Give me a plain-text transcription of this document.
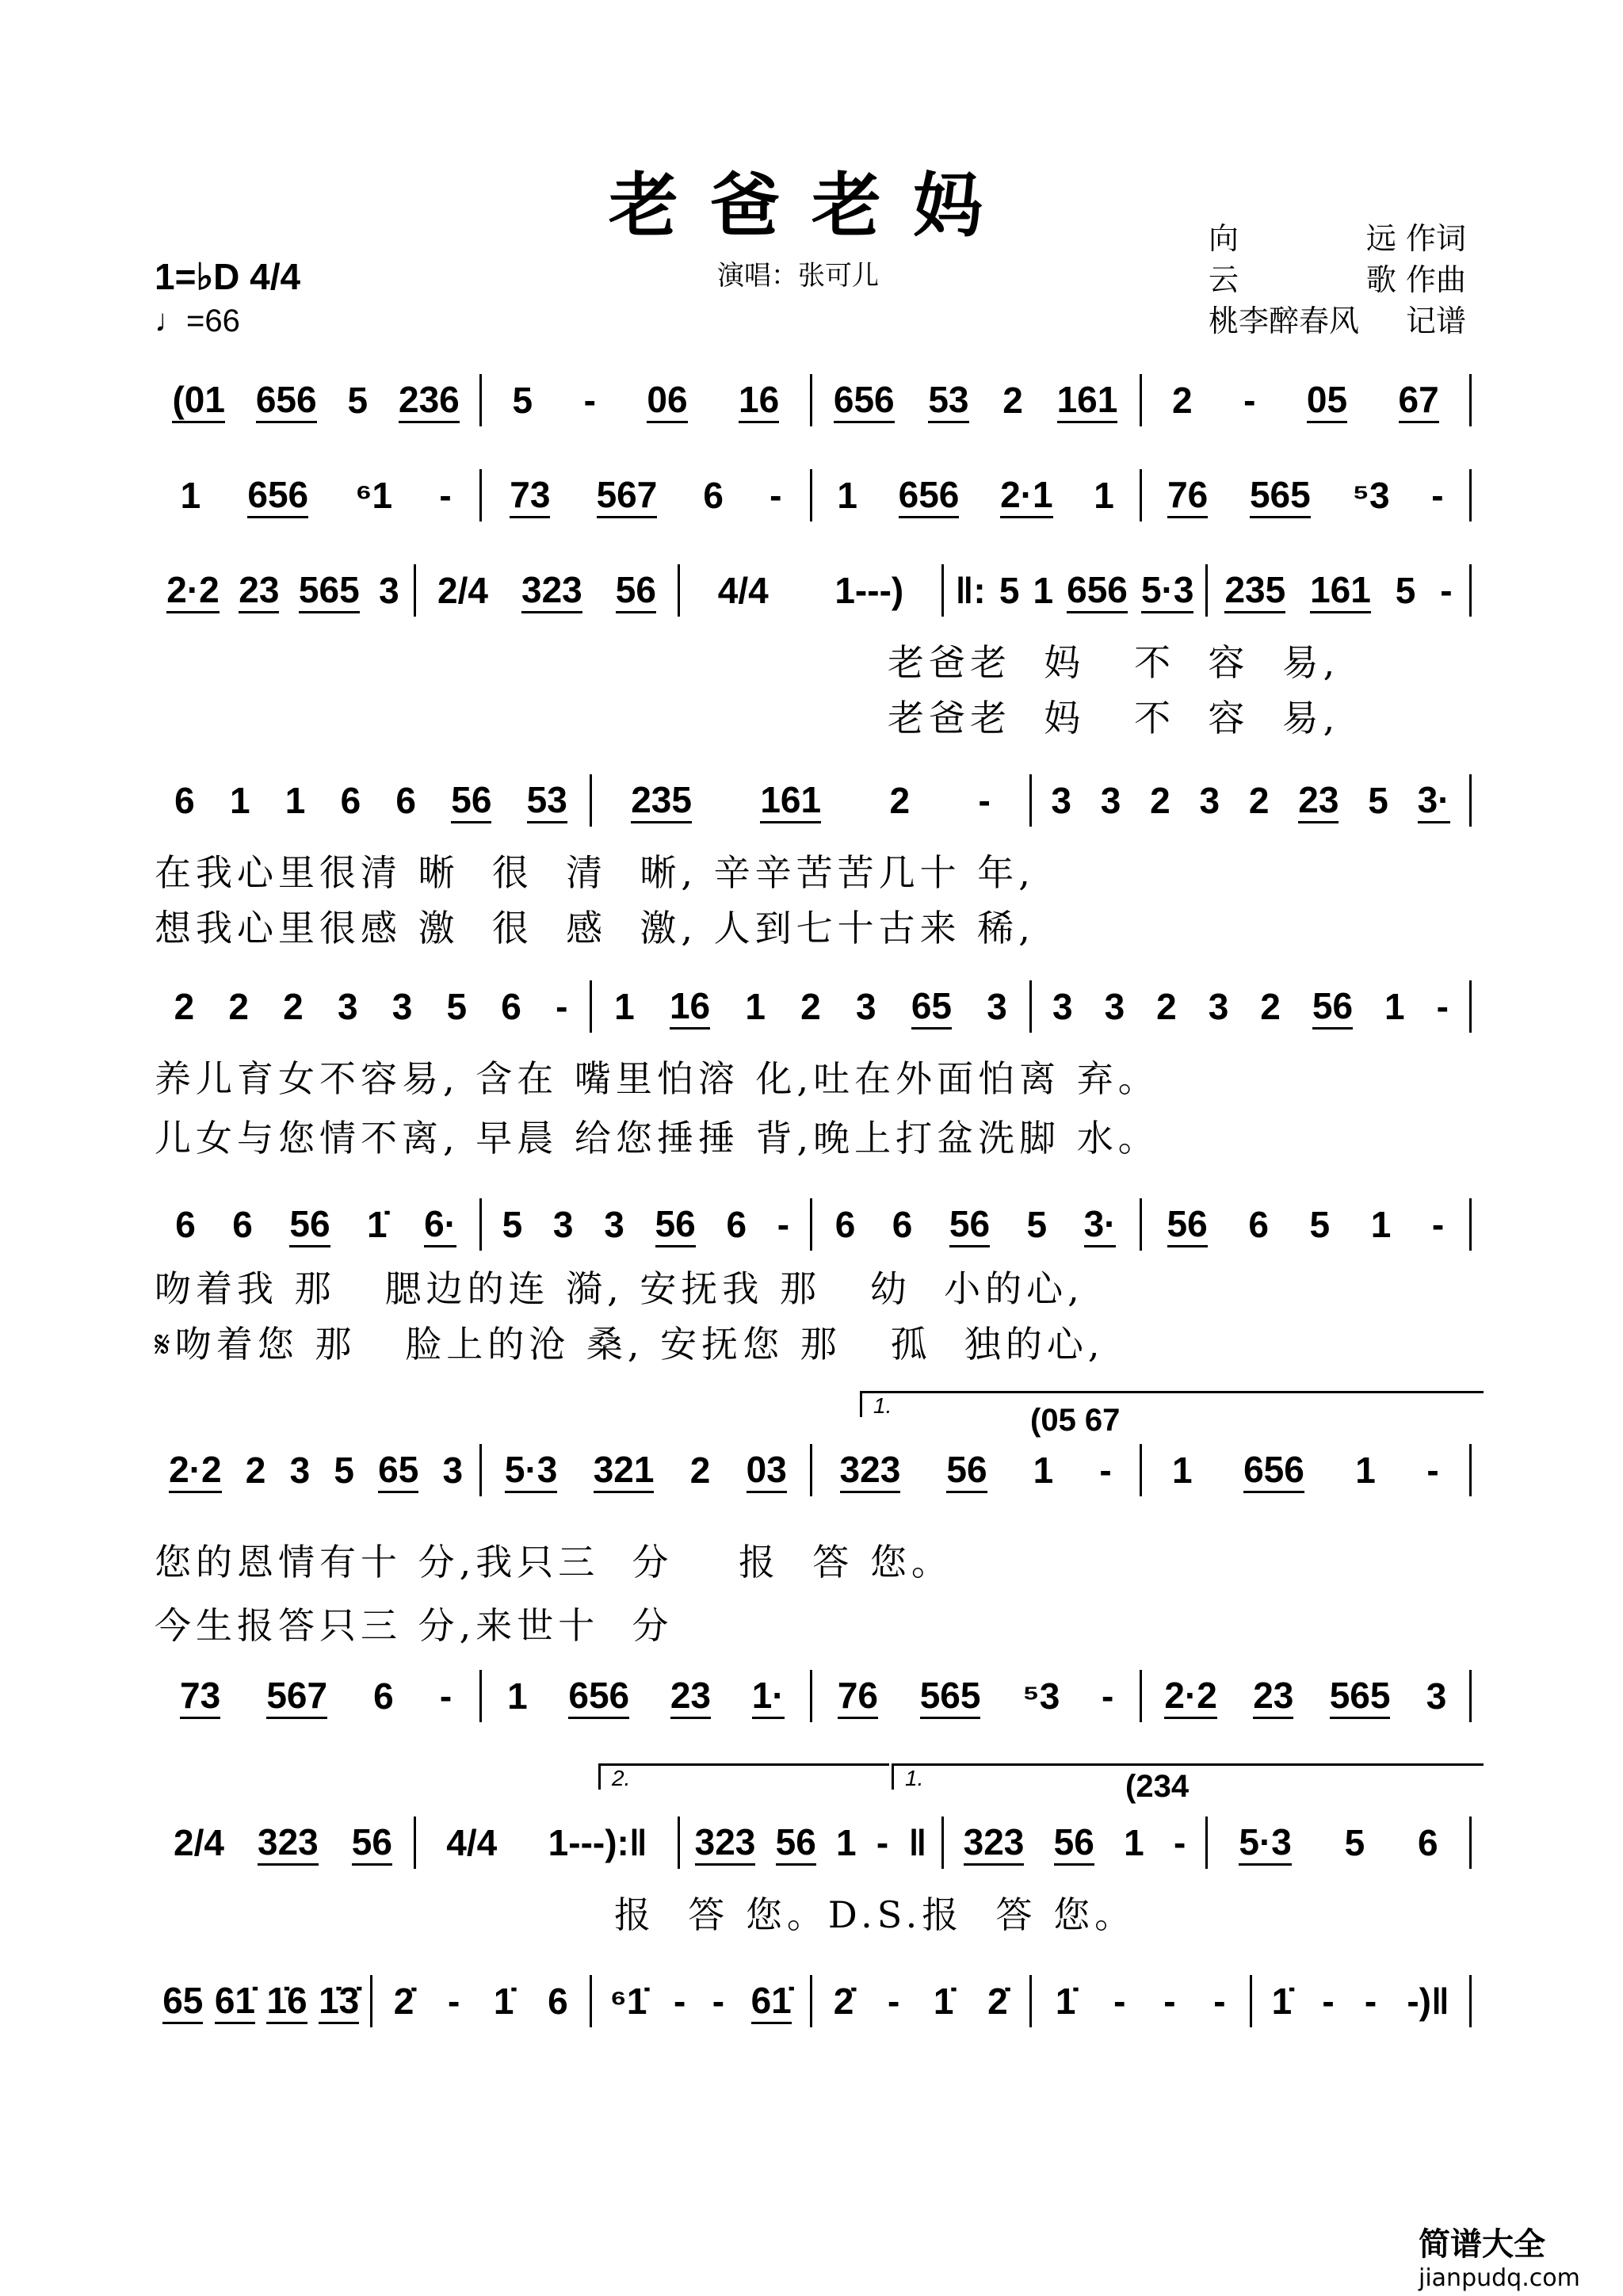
老爸老妈
演唱：张可儿
向	远 作词
云	歌 作曲
桃李醉春风 记谱
1=♭D 4/4
♩=66
(01 656 5 236 5 - 06 16 656 53 2 161 2 - 05 67
1 656 ⁶1 - 73 567 6 - 1 656 2·1 1 76 565 ⁵3 -
2·2 23 565 3 2/4 323 56 4/4 1---) ‖: 5 1 656 5·3 235 161 5 -
老爸老  妈   不  容  易,
老爸老  妈   不  容  易,
6 1 1 6 6 56 53 235 161 2 - 3 3 2 3 2 23 5 3·
在我心里很清 晰  很  清  晰, 辛辛苦苦几十 年,
想我心里很感 激  很  感  激, 人到七十古来 稀,
2 2 2 3 3 5 6 - 1 16 1 2 3 65 3 3 3 2 3 2 56 1 -
养儿育女不容易, 含在 嘴里怕溶 化,吐在外面怕离 弃。
儿女与您情不离, 早晨 给您捶捶 背,晚上打盆洗脚 水。
6 6 56 1̇ 6· 5 3 3 56 6 - 6 6 56 5 3· 56 6 5 1 -
吻着我 那   腮边的连 漪, 安抚我 那   幼  小的心,
𝄋吻着您 那   脸上的沧 桑, 安抚您 那   孤  独的心,
1.	(05 67
2·2 2 3 5 65 3 5·3 321 2 03 323 56 1 - 1 656 1 -
您的恩情有十 分,我只三  分    报  答 您。
今生报答只三 分,来世十  分
73 567 6 - 1 656 23 1· 76 565 ⁵3 - 2·2 23 565 3
2.	1.	(234
2/4 323 56 4/4 1---):‖ 323 56 1 - ‖ 323 56 1 - 5·3 5 6
报  答 您。D.S.报  答 您。
65 61̇ 1̇6 1̇3̇ 2̇ - 1̇ 6 ⁶1̇ - - 61̇ 2̇ - 1̇ 2̇ 1̇ - - - 1̇ - - -)‖
简谱大全
jianpudq.com
